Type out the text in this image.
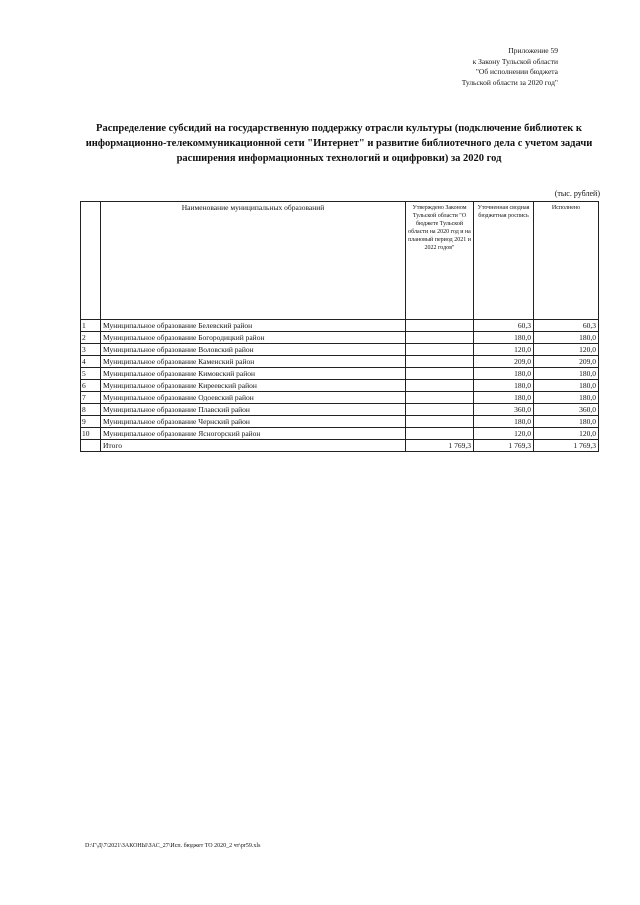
Приложение 59
к Закону Тульской области
"Об исполнении бюджета
Тульской области за 2020 год"
Распределение субсидий на государственную поддержку отрасли культуры (подключение библиотек к информационно-телекоммуникационной сети "Интернет" и развитие библиотечного дела с учетом задачи расширения информационных технологий и оцифровки) за 2020 год
(тыс. рублей)
	Наименование муниципальных образований	Утверждено Законом Тульской области "О бюджете Тульской области на 2020 год и на плановый период 2021 и 2022 годов"	Уточненная сводная бюджетная роспись	Исполнено
1	Муниципальное образование Белевский район		60,3	60,3
2	Муниципальное образование Богородицкий район		180,0	180,0
3	Муниципальное образование Воловский район		120,0	120,0
4	Муниципальное образование Каменский район		209,0	209,0
5	Муниципальное образование Кимовский район		180,0	180,0
6	Муниципальное образование Киреевский район		180,0	180,0
7	Муниципальное образование Одоевский район		180,0	180,0
8	Муниципальное образование Плавский район		360,0	360,0
9	Муниципальное образование Чернский район		180,0	180,0
10	Муниципальное образование Ясногорский район		120,0	120,0
	Итого	1 769,3	1 769,3	1 769,3
D:\Г\Д\7\2021\ЗАКОНЫ\ЗАС_27\Исп. бюджет ТО 2020_2 чт\pr59.xls
